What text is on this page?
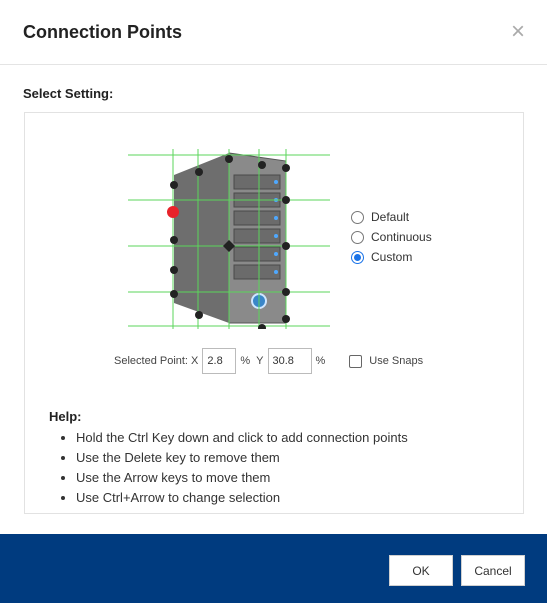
Connection Points	×
Select Setting:
Default
Continuous
Custom
Selected Point: X
2.8	% Y
30.8	%	Use Snaps
Help:
• Hold the Ctrl Key down and click to add connection points
• Use the Delete key to remove them
• Use the Arrow keys to move them
• Use Ctrl+Arrow to change selection
OK	Cancel
